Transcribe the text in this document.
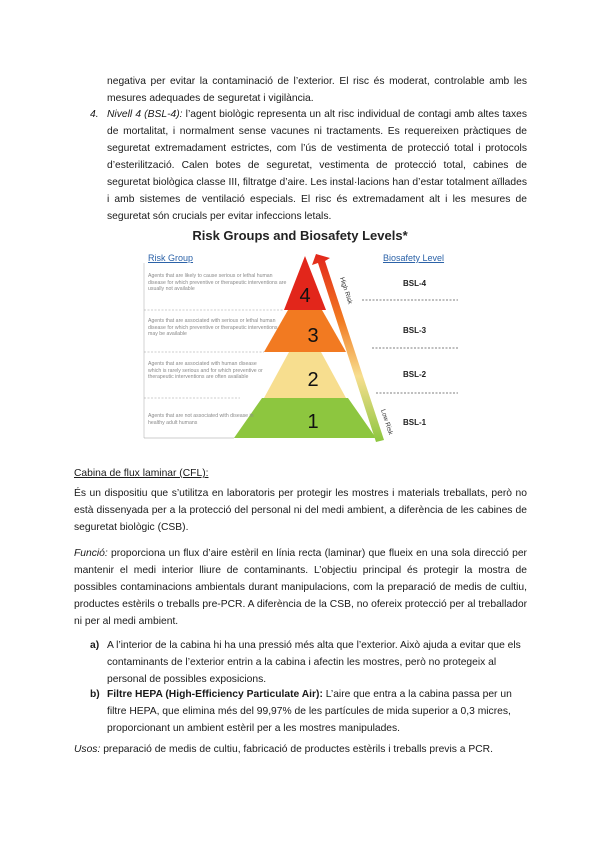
negativa per evitar la contaminació de l’exterior. El risc és moderat, controlable amb les mesures adequades de seguretat i vigilància.

4. Nivell 4 (BSL-4): l’agent biològic representa un alt risc individual de contagi amb altes taxes de mortalitat, i normalment sense vacunes ni tractaments. Es requereixen pràctiques de seguretat extremadament estrictes, com l’ús de vestimenta de protecció total i protocols d’esterilització. Calen botes de seguretat, vestimenta de protecció total, cabines de seguretat biològica classe III, filtratge d’aire. Les instal·lacions han d’estar totalment aïllades i amb sistemes de ventilació especials. El risc és extremadament alt i les mesures de seguretat són crucials per evitar infeccions letals.

4
3
2
1
High Risk
Low Risk
Risk Groups and Biosafety Levels*
Risk Group	Biosafety Level
Agents that are likely to cause serious or lethal human disease for which preventive or therapeutic interventions are usually not available
Agents that are associated with serious or lethal human disease for which preventive or therapeutic interventions may be available
Agents that are associated with human disease which is rarely serious and for which preventive or therapeutic interventions are often available
Agents that are not associated with disease in healthy adult humans
BSL-4
BSL-3
BSL-2
BSL-1

Cabina de flux laminar (CFL):

És un dispositiu que s’utilitza en laboratoris per protegir les mostres i materials treballats, però no està dissenyada per a la protecció del personal ni del medi ambient, a diferència de les cabines de seguretat biològic (CSB).

Funció: proporciona un flux d’aire estèril en línia recta (laminar) que flueix en una sola direcció per mantenir el medi interior lliure de contaminants. L’objectiu principal és protegir la mostra de possibles contaminacions ambientals durant manipulacions, com la preparació de medis de cultiu, productes estèrils o treballs pre-PCR. A diferència de la CSB, no ofereix protecció per al treballador ni per al medi ambient.

a) A l’interior de la cabina hi ha una pressió més alta que l’exterior. Això ajuda a evitar que els contaminants de l’exterior entrin a la cabina i afectin les mostres, però no protegeix al personal de possibles exposicions.

b) Filtre HEPA (High-Efficiency Particulate Air): L’aire que entra a la cabina passa per un filtre HEPA, que elimina més del 99,97% de les partícules de mida superior a 0,3 micres, proporcionant un ambient estèril per a les mostres manipulades.

Usos: preparació de medis de cultiu, fabricació de productes estèrils i treballs previs a PCR.
